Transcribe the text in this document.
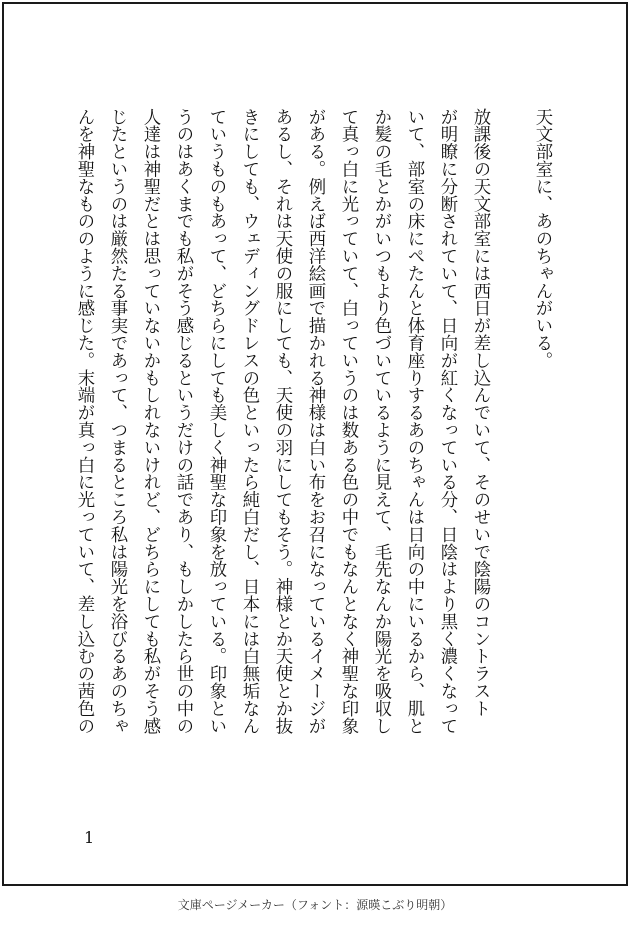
天文部室に、あのちゃんがいる。
放課後の天文部室には西日が差し込んでいて、そのせいで陰陽のコントラスト
が明瞭に分断されていて、日向が紅くなっている分、日陰はより黒く濃くなって
いて、部室の床にぺたんと体育座りするあのちゃんは日向の中にいるから、肌と
か髪の毛とかがいつもより色づいているように見えて、毛先なんか陽光を吸収し
て真っ白に光っていて、白っていうのは数ある色の中でもなんとなく神聖な印象
がある。例えば西洋絵画で描かれる神様は白い布をお召になっているイメージが
あるし、それは天使の服にしても、天使の羽にしてもそう。神様とか天使とか抜
きにしても、ウェディングドレスの色といったら純白だし、日本には白無垢なん
ていうものもあって、どちらにしても美しく神聖な印象を放っている。印象とい
うのはあくまでも私がそう感じるというだけの話であり、もしかしたら世の中の
人達は神聖だとは思っていないかもしれないけれど、どちらにしても私がそう感
じたというのは厳然たる事実であって、つまるところ私は陽光を浴びるあのちゃ
んを神聖なもののように感じた。末端が真っ白に光っていて、差し込むの茜色の
1
文庫ページメーカー（フォント：源暎こぶり明朝）
